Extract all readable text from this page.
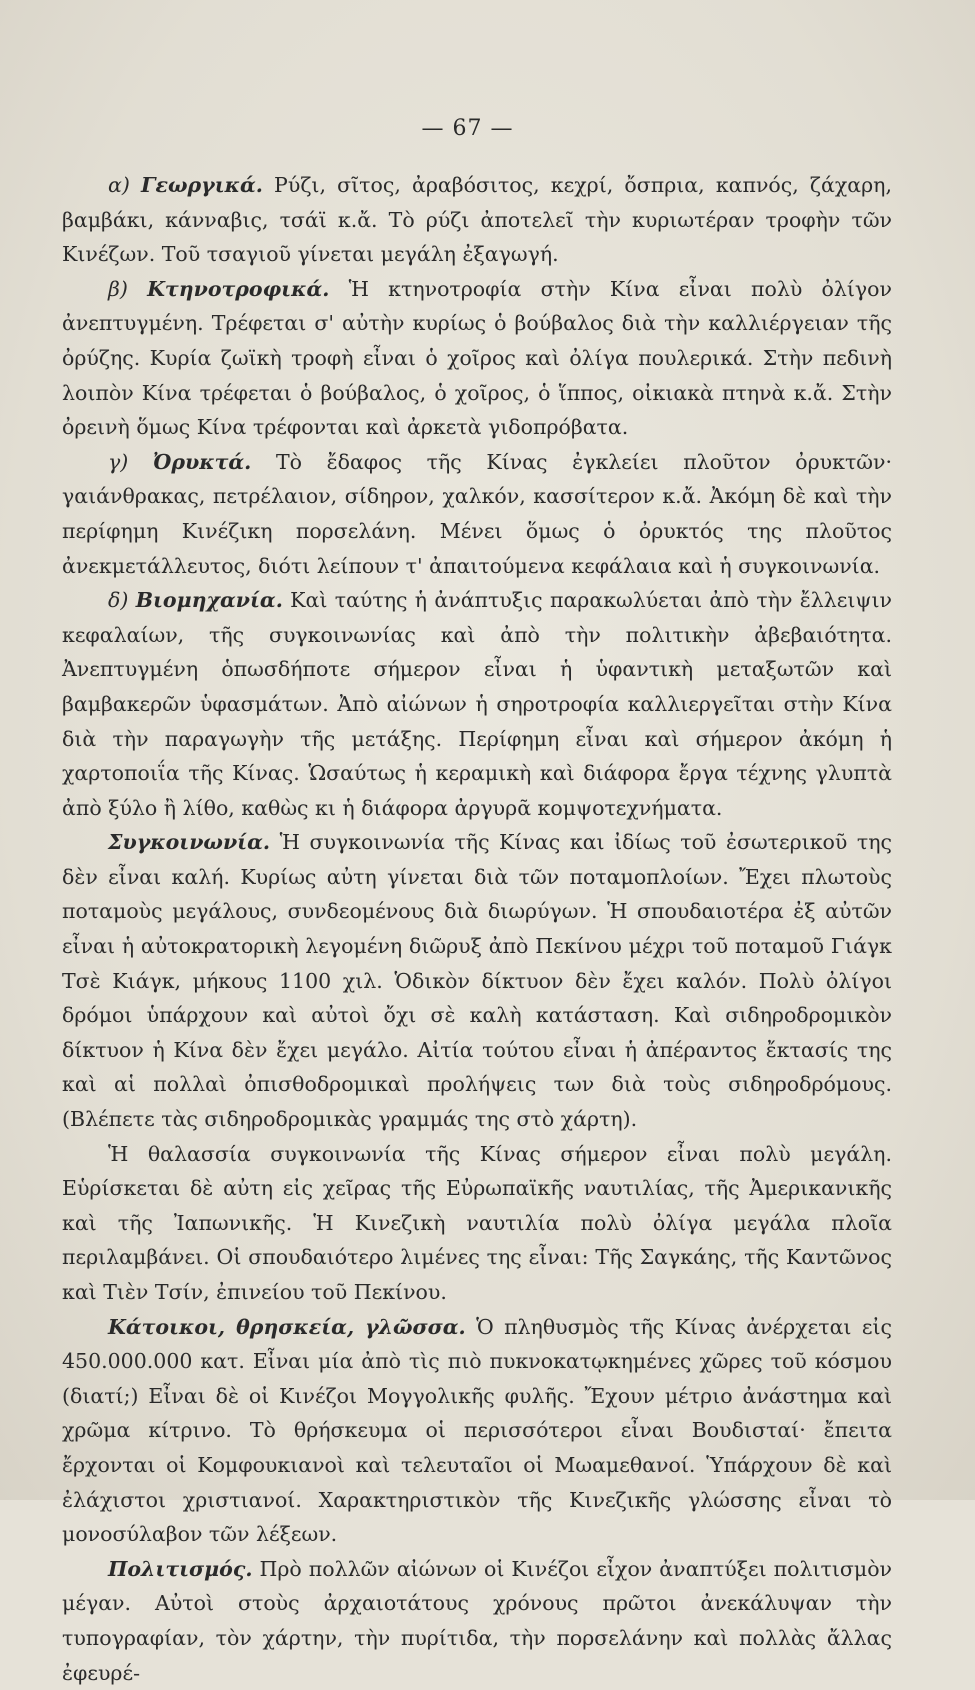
— 67 —

α) Γεωργικά. Ρύζι, σῖτος, ἀραβόσιτος, κεχρί, ὄσπρια, καπνός, ζάχαρη, βαμβάκι, κάνναβις, τσάϊ κ.ἄ. Τὸ ρύζι ἀποτελεῖ τὴν κυριωτέραν τροφὴν τῶν Κινέζων. Τοῦ τσαγιοῦ γίνεται μεγάλη ἐξαγωγή.

β) Κτηνοτροφικά. Ἡ κτηνοτροφία στὴν Κίνα εἶναι πολὺ ὀλίγον ἀνεπτυγμένη. Τρέφεται σ' αὐτὴν κυρίως ὁ βούβαλος διὰ τὴν καλλιέργειαν τῆς ὀρύζης. Κυρία ζωϊκὴ τροφὴ εἶναι ὁ χοῖρος καὶ ὀλίγα πουλερικά. Στὴν πεδινὴ λοιπὸν Κίνα τρέφεται ὁ βούβαλος, ὁ χοῖρος, ὁ ἵππος, οἰκιακὰ πτηνὰ κ.ἄ. Στὴν ὀρεινὴ ὅμως Κίνα τρέφονται καὶ ἀρκετὰ γιδοπρόβατα.

γ) Ὀρυκτά. Τὸ ἔδαφος τῆς Κίνας ἐγκλείει πλοῦτον ὀρυκτῶν· γαιάνθρακας, πετρέλαιον, σίδηρον, χαλκόν, κασσίτερον κ.ἄ. Ἀκόμη δὲ καὶ τὴν περίφημη Κινέζικη πορσελάνη. Μένει ὅμως ὁ ὀρυκτός της πλοῦτος ἀνεκμετάλλευτος, διότι λείπουν τ' ἀπαιτούμενα κεφάλαια καὶ ἡ συγκοινωνία.

δ) Βιομηχανία. Καὶ ταύτης ἡ ἀνάπτυξις παρακωλύεται ἀπὸ τὴν ἔλλειψιν κεφαλαίων, τῆς συγκοινωνίας καὶ ἀπὸ τὴν πολιτικὴν ἀβεβαιότητα. Ἀνεπτυγμένη ὁπωσδήποτε σήμερον εἶναι ἡ ὑφαντικὴ μεταξωτῶν καὶ βαμβακερῶν ὑφασμάτων. Ἀπὸ αἰώνων ἡ σηροτροφία καλλιεργεῖται στὴν Κίνα διὰ τὴν παραγωγὴν τῆς μετάξης. Περίφημη εἶναι καὶ σήμερον ἀκόμη ἡ χαρτοποιΐα τῆς Κίνας. Ὡσαύτως ἡ κεραμικὴ καὶ διάφορα ἔργα τέχνης γλυπτὰ ἀπὸ ξύλο ἢ λίθο, καθὼς κι ἡ διάφορα ἀργυρᾶ κομψοτεχνήματα.

Συγκοινωνία. Ἡ συγκοινωνία τῆς Κίνας και ἰδίως τοῦ ἐσωτερικοῦ της δὲν εἶναι καλή. Κυρίως αὐτη γίνεται διὰ τῶν ποταμοπλοίων. Ἔχει πλωτοὺς ποταμοὺς μεγάλους, συνδεομένους διὰ διωρύγων. Ἡ σπουδαιοτέρα ἐξ αὐτῶν εἶναι ἡ αὐτοκρατορικὴ λεγομένη διῶρυξ ἀπὸ Πεκίνου μέχρι τοῦ ποταμοῦ Γιάγκ Τσὲ Κιάγκ, μήκους 1100 χιλ. Ὁδικὸν δίκτυον δὲν ἔχει καλόν. Πολὺ ὀλίγοι δρόμοι ὑπάρχουν καὶ αὐτοὶ ὄχι σὲ καλὴ κατάσταση. Καὶ σιδηροδρομικὸν δίκτυον ἡ Κίνα δὲν ἔχει μεγάλο. Αἰτία τούτου εἶναι ἡ ἀπέραντος ἔκτασίς της καὶ αἱ πολλαὶ ὀπισθοδρομικαὶ προλήψεις των διὰ τοὺς σιδηροδρόμους. (Βλέπετε τὰς σιδηροδρομικὰς γραμμάς της στὸ χάρτη).

Ἡ θαλασσία συγκοινωνία τῆς Κίνας σήμερον εἶναι πολὺ μεγάλη. Εὑρίσκεται δὲ αὐτη εἰς χεῖρας τῆς Εὐρωπαϊκῆς ναυτιλίας, τῆς Ἀμερικανικῆς καὶ τῆς Ἰαπωνικῆς. Ἡ Κινεζικὴ ναυτιλία πολὺ ὀλίγα μεγάλα πλοῖα περιλαμβάνει. Οἱ σπουδαιότερο λιμένες της εἶναι: Τῆς Σαγκάης, τῆς Καντῶνος καὶ Τιὲν Τσίν, ἐπινείου τοῦ Πεκίνου.

Κάτοικοι, θρησκεία, γλῶσσα. Ὁ πληθυσμὸς τῆς Κίνας ἀνέρχεται εἰς 450.000.000 κατ. Εἶναι μία ἀπὸ τὶς πιὸ πυκνοκατῳκημένες χῶρες τοῦ κόσμου (διατί;) Εἶναι δὲ οἱ Κινέζοι Μογγολικῆς φυλῆς. Ἔχουν μέτριο ἀνάστημα καὶ χρῶμα κίτρινο. Τὸ θρήσκευμα οἱ περισσότεροι εἶναι Βουδισταί· ἔπειτα ἔρχονται οἱ Κομφουκιανοὶ καὶ τελευταῖοι οἱ Μωαμεθανοί. Ὑπάρχουν δὲ καὶ ἐλάχιστοι χριστιανοί. Χαρακτηριστικὸν τῆς Κινεζικῆς γλώσσης εἶναι τὸ μονοσύλαβον τῶν λέξεων.

Πολιτισμός. Πρὸ πολλῶν αἰώνων οἱ Κινέζοι εἶχον ἀναπτύξει πολιτισμὸν μέγαν. Αὐτοὶ στοὺς ἀρχαιοτάτους χρόνους πρῶτοι ἀνεκάλυψαν τὴν τυπογραφίαν, τὸν χάρτην, τὴν πυρίτιδα, τὴν πορσελάνην καὶ πολλὰς ἄλλας ἐφευρέ-
